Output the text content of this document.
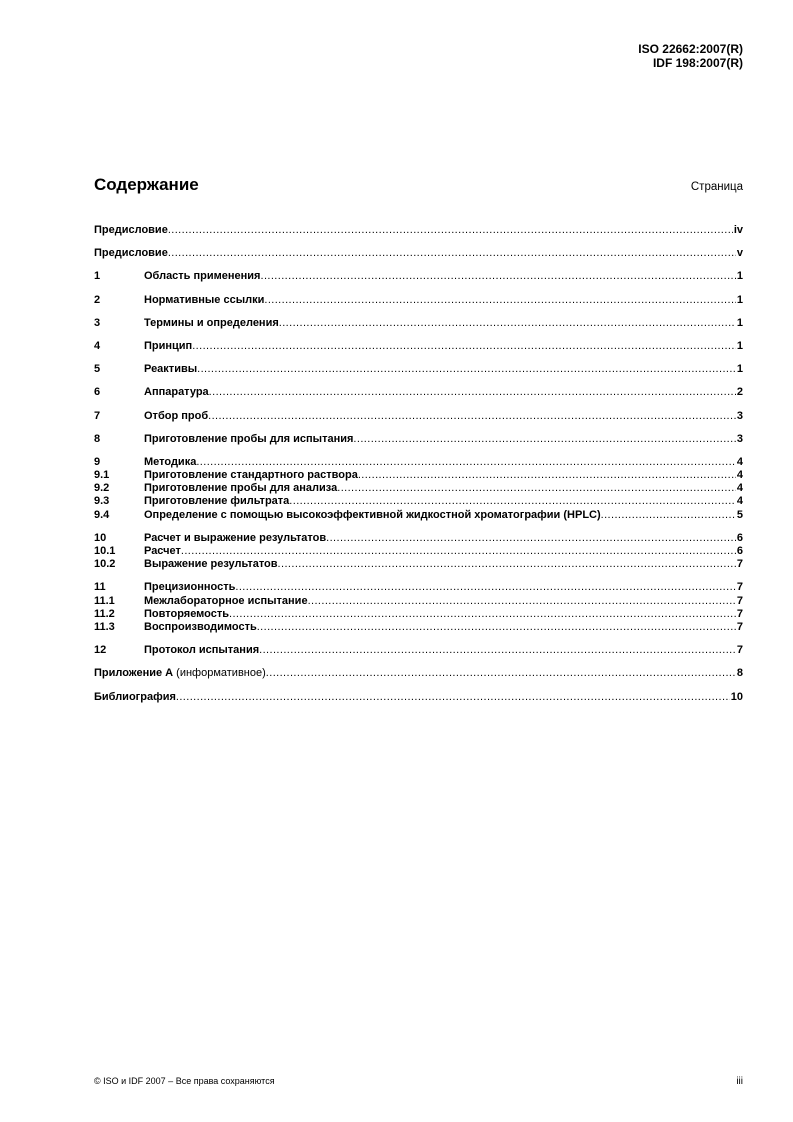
ISO 22662:2007(R)
IDF 198:2007(R)
Содержание	Страница
Предисловие .....	iv
Предисловие .....	v
1	Область применения .....	1
2	Нормативные ссылки .....	1
3	Термины и определения .....	1
4	Принцип .....	1
5	Реактивы .....	1
6	Аппаратура .....	2
7	Отбор проб .....	3
8	Приготовление пробы для испытания .....	3
9	Методика .....	4
9.1	Приготовление стандартного раствора .....	4
9.2	Приготовление пробы для анализа .....	4
9.3	Приготовление фильтрата .....	4
9.4	Определение с помощью высокоэффективной жидкостной хроматографии (HPLC) .....	5
10	Расчет и выражение результатов .....	6
10.1	Расчет .....	6
10.2	Выражение результатов .....	7
11	Прецизионность .....	7
11.1	Межлабораторное испытание .....	7
11.2	Повторяемость .....	7
11.3	Воспроизводимость .....	7
12	Протокол испытания .....	7
Приложение А (информативное) .....	8
Библиография .....	10
© ISO и IDF 2007 – Все права сохраняются	iii
